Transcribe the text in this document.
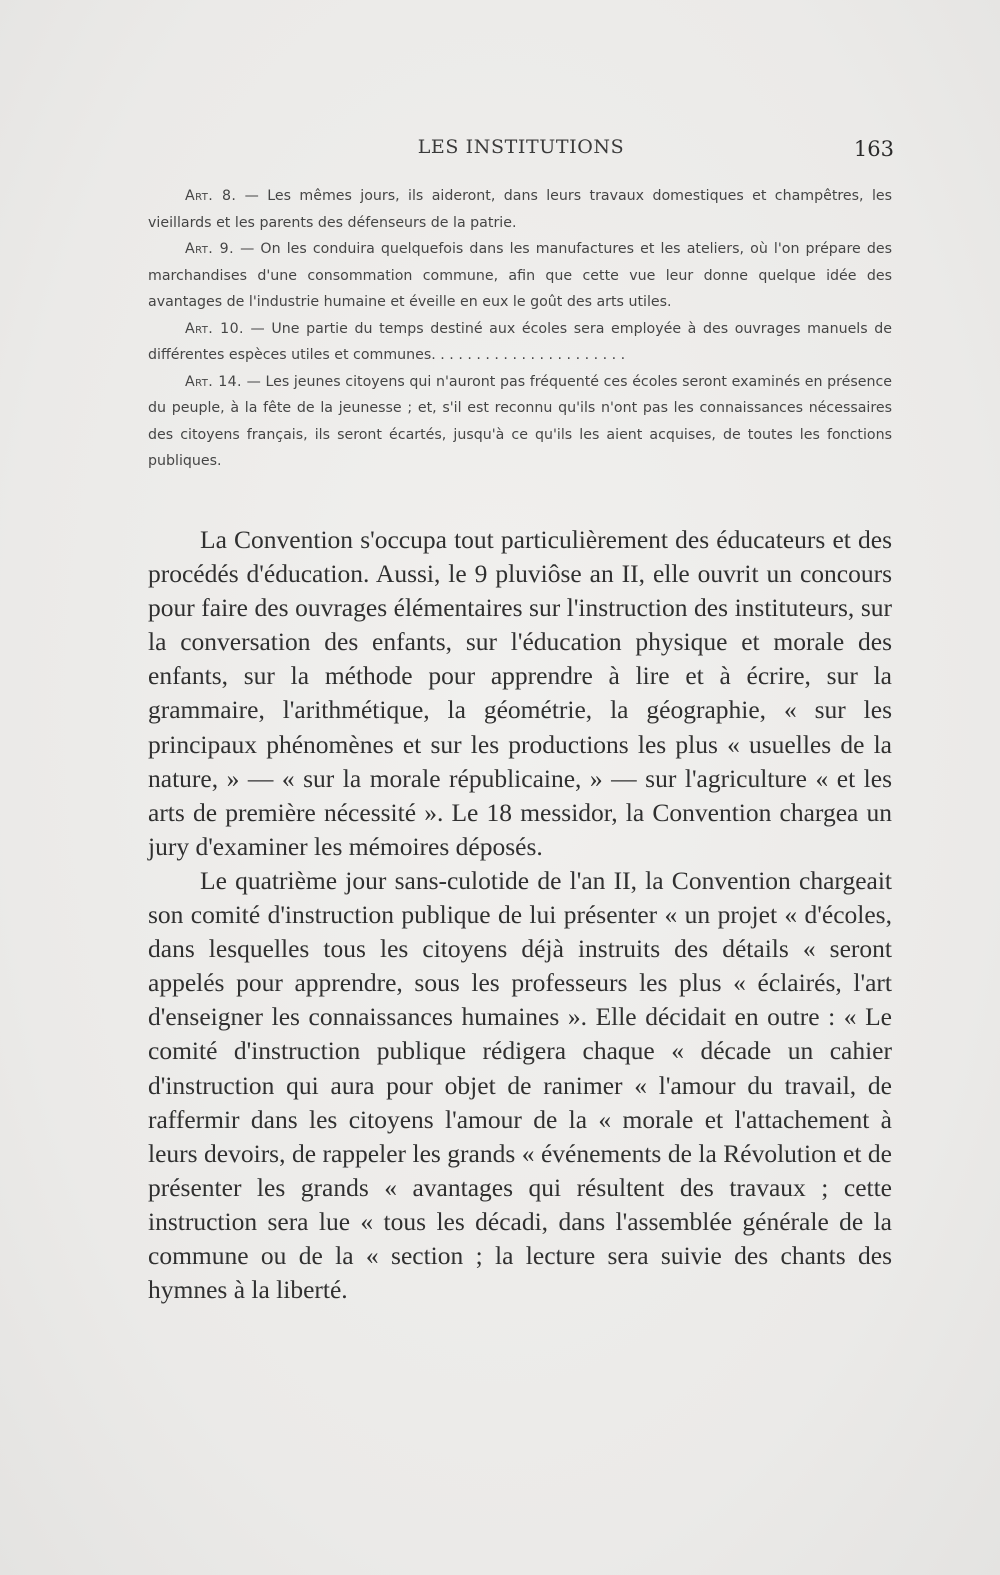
LES INSTITUTIONS	163

Art. 8. — Les mêmes jours, ils aideront, dans leurs travaux domestiques et champêtres, les vieillards et les parents des défenseurs de la patrie.

Art. 9. — On les conduira quelquefois dans les manufactures et les ateliers, où l'on prépare des marchandises d'une consommation commune, afin que cette vue leur donne quelque idée des avantages de l'industrie humaine et éveille en eux le goût des arts utiles.

Art. 10. — Une partie du temps destiné aux écoles sera employée à des ouvrages manuels de différentes espèces utiles et communes. . . . . . . . . . . . . . . . . . . . . .

Art. 14. — Les jeunes citoyens qui n'auront pas fréquenté ces écoles seront examinés en présence du peuple, à la fête de la jeunesse ; et, s'il est reconnu qu'ils n'ont pas les connaissances nécessaires des citoyens français, ils seront écartés, jusqu'à ce qu'ils les aient acquises, de toutes les fonctions publiques.

La Convention s'occupa tout particulièrement des éducateurs et des procédés d'éducation. Aussi, le 9 pluviôse an II, elle ouvrit un concours pour faire des ouvrages élémentaires sur l'instruction des instituteurs, sur la conversation des enfants, sur l'éducation physique et morale des enfants, sur la méthode pour apprendre à lire et à écrire, sur la grammaire, l'arithmétique, la géométrie, la géographie, « sur les principaux phénomènes et sur les productions les plus « usuelles de la nature, » — « sur la morale républicaine, » — sur l'agriculture « et les arts de première nécessité ». Le 18 messidor, la Convention chargea un jury d'examiner les mémoires déposés.

Le quatrième jour sans-culotide de l'an II, la Convention chargeait son comité d'instruction publique de lui présenter « un projet « d'écoles, dans lesquelles tous les citoyens déjà instruits des détails « seront appelés pour apprendre, sous les professeurs les plus « éclairés, l'art d'enseigner les connaissances humaines ». Elle décidait en outre : « Le comité d'instruction publique rédigera chaque « décade un cahier d'instruction qui aura pour objet de ranimer « l'amour du travail, de raffermir dans les citoyens l'amour de la « morale et l'attachement à leurs devoirs, de rappeler les grands « événements de la Révolution et de présenter les grands « avantages qui résultent des travaux ; cette instruction sera lue « tous les décadi, dans l'assemblée générale de la commune ou de la « section ; la lecture sera suivie des chants des hymnes à la liberté.
